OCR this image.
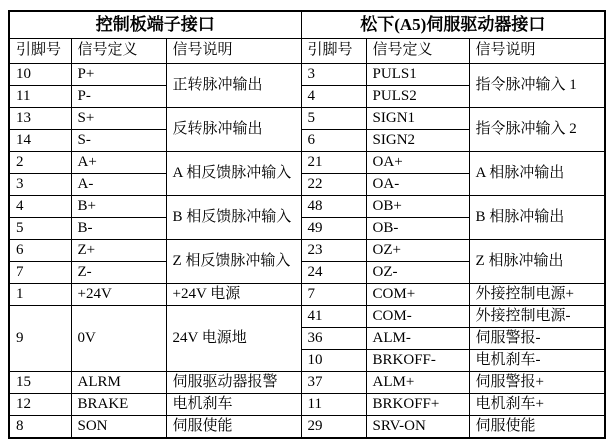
控制板端子接口			松下(A5)伺服驱动器接口		
引脚号	信号定义	信号说明	引脚号	信号定义	信号说明
10	P+	正转脉冲输出	3	PULS1	指令脉冲输入 1
11	P-		4	PULS2	
13	S+	反转脉冲输出	5	SIGN1	指令脉冲输入 2
14	S-		6	SIGN2	
2	A+	A 相反馈脉冲输入	21	OA+	A 相脉冲输出
3	A-		22	OA-	
4	B+	B 相反馈脉冲输入	48	OB+	B 相脉冲输出
5	B-		49	OB-	
6	Z+	Z 相反馈脉冲输入	23	OZ+	Z 相脉冲输出
7	Z-		24	OZ-	
1	+24V	+24V 电源	7	COM+	外接控制电源+
9	0V	24V 电源地	41	COM-	外接控制电源-
			36	ALM-	伺服警报-
			10	BRKOFF-	电机刹车-
15	ALRM	伺服驱动器报警	37	ALM+	伺服警报+
12	BRAKE	电机刹车	11	BRKOFF+	电机刹车+
8	SON	伺服使能	29	SRV-ON	伺服使能
